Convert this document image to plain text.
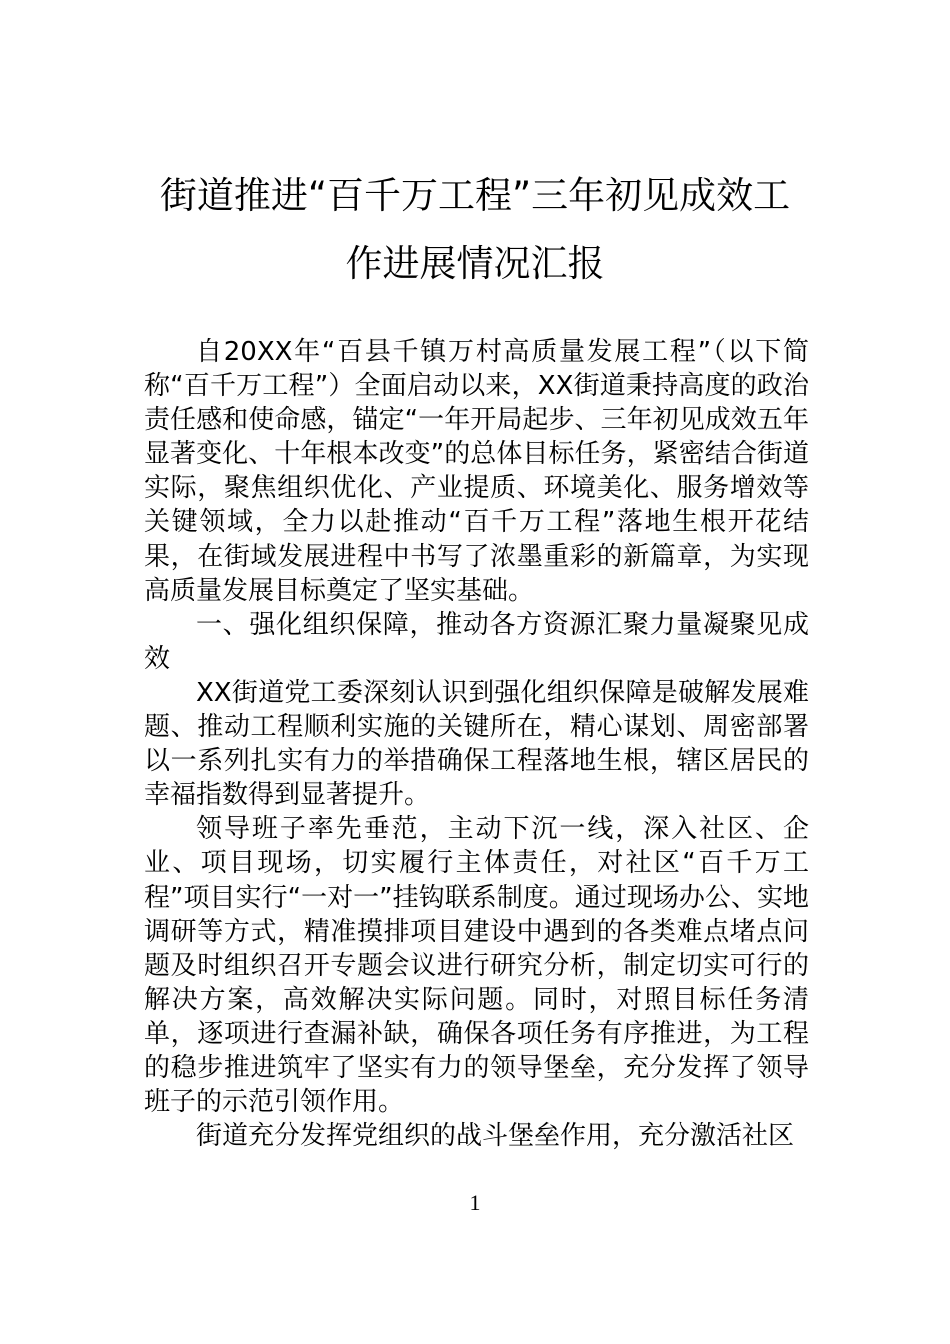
街道推进“百千万工程”三年初见成效工
作进展情况汇报

自20XX年“百县千镇万村高质量发展工程”（以下简称“百千万工程”）全面启动以来，XX街道秉持高度的政治责任感和使命感，锚定“一年开局起步、三年初见成效五年显著变化、十年根本改变”的总体目标任务，紧密结合街道实际，聚焦组织优化、产业提质、环境美化、服务增效等关键领域，全力以赴推动“百千万工程”落地生根开花结果，在街域发展进程中书写了浓墨重彩的新篇章，为实现高质量发展目标奠定了坚实基础。

一、强化组织保障，推动各方资源汇聚力量凝聚见成效

XX街道党工委深刻认识到强化组织保障是破解发展难题、推动工程顺利实施的关键所在，精心谋划、周密部署以一系列扎实有力的举措确保工程落地生根，辖区居民的幸福指数得到显著提升。

领导班子率先垂范，主动下沉一线，深入社区、企业、项目现场，切实履行主体责任，对社区“百千万工程”项目实行“一对一”挂钩联系制度。通过现场办公、实地调研等方式，精准摸排项目建设中遇到的各类难点堵点问题及时组织召开专题会议进行研究分析，制定切实可行的解决方案，高效解决实际问题。同时，对照目标任务清单，逐项进行查漏补缺，确保各项任务有序推进，为工程的稳步推进筑牢了坚实有力的领导堡垒，充分发挥了领导班子的示范引领作用。

街道充分发挥党组织的战斗堡垒作用，充分激活社区

1
